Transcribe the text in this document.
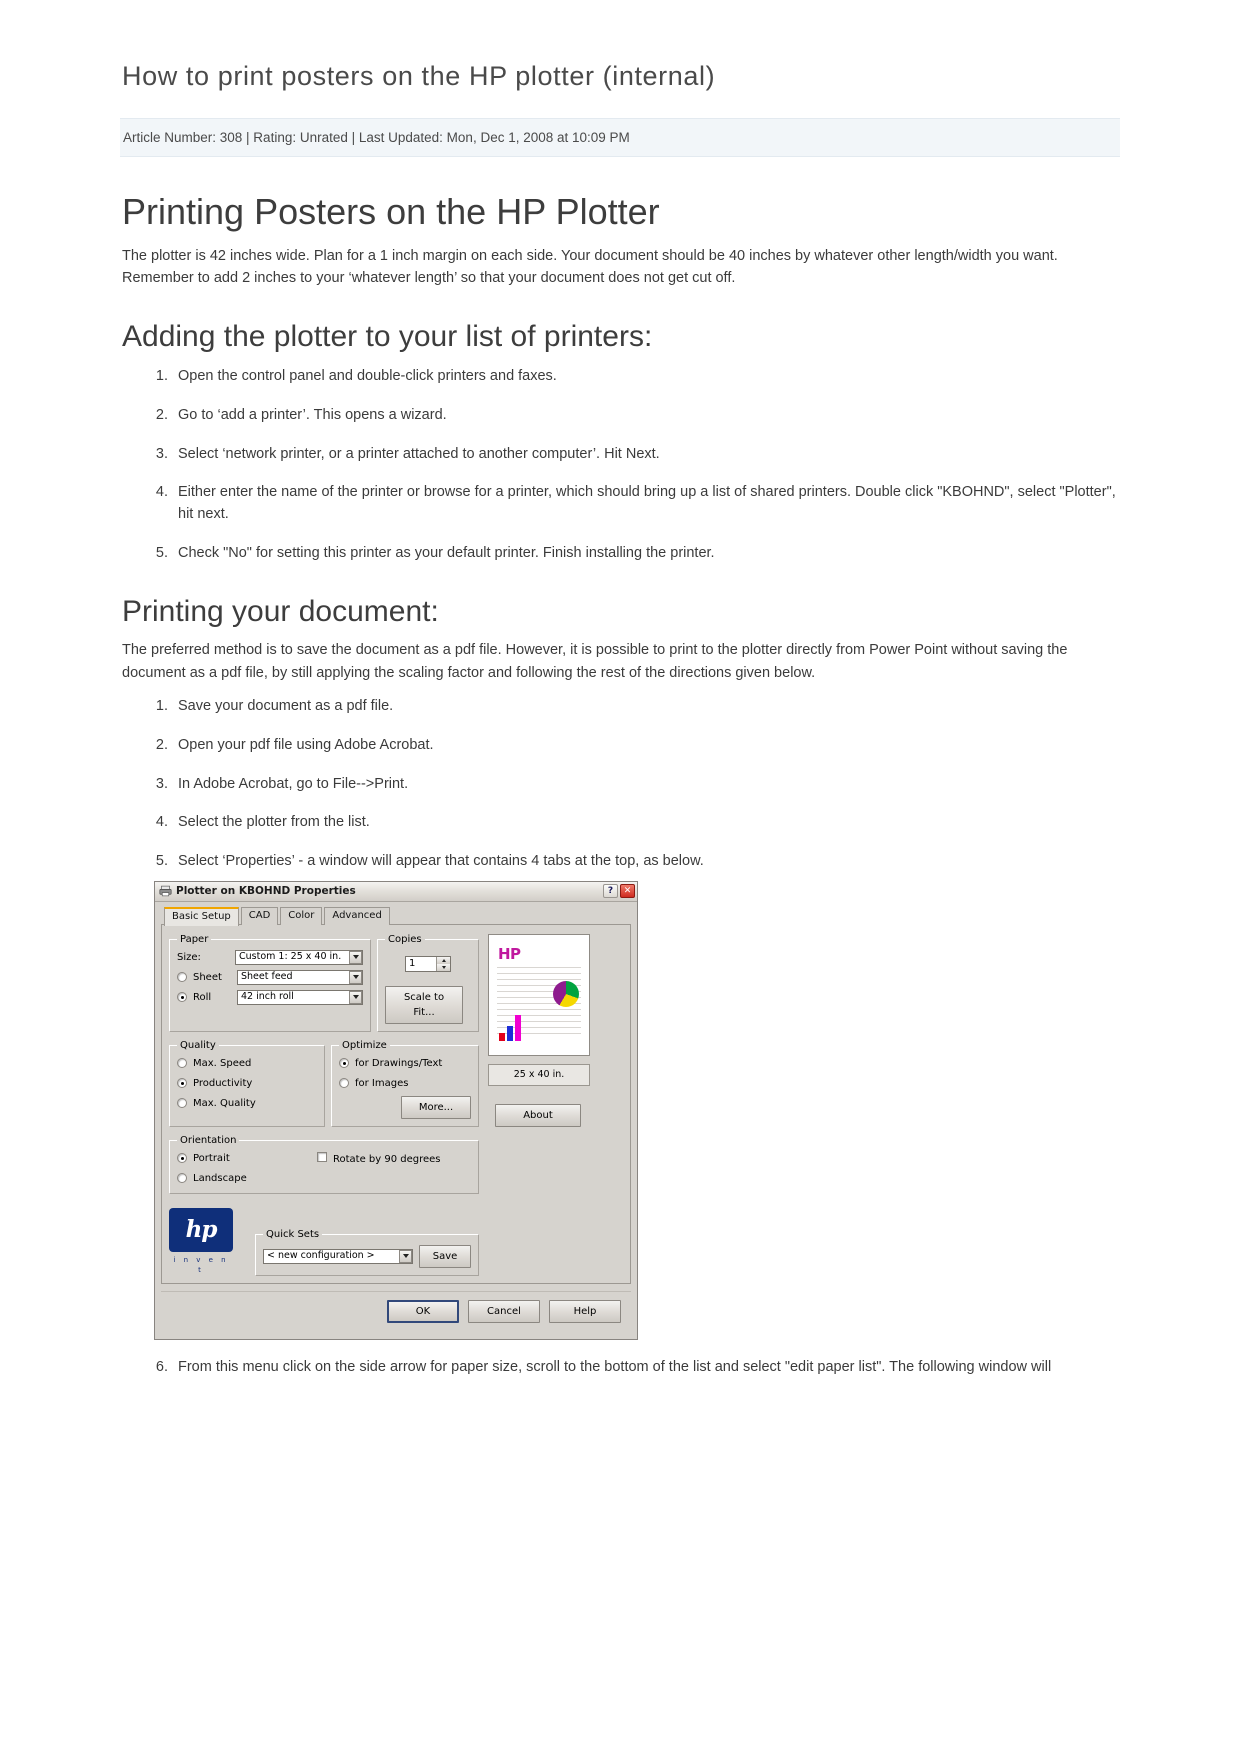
How to print posters on the HP plotter (internal)
Article Number: 308 | Rating: Unrated | Last Updated: Mon, Dec 1, 2008 at 10:09 PM
Printing Posters on the HP Plotter

The plotter is 42 inches wide. Plan for a 1 inch margin on each side. Your document should be 40 inches by whatever other length/width you want. Remember to add 2 inches to your ‘whatever length’ so that your document does not get cut off.

Adding the plotter to your list of printers:
1. Open the control panel and double-click printers and faxes.
2. Go to ‘add a printer’. This opens a wizard.
3. Select ‘network printer, or a printer attached to another computer’. Hit Next.
4. Either enter the name of the printer or browse for a printer, which should bring up a list of shared printers. Double click "KBOHND", select "Plotter", hit next.
5. Check "No" for setting this printer as your default printer. Finish installing the printer.
Printing your document:

The preferred method is to save the document as a pdf file. However, it is possible to print to the plotter directly from Power Point without saving the document as a pdf file, by still applying the scaling factor and following the rest of the directions given below.

1. Save your document as a pdf file.
2. Open your pdf file using Adobe Acrobat.
3. In Adobe Acrobat, go to File-->Print.
4. Select the plotter from the list.
5. Select ‘Properties’ - a window will appear that contains 4 tabs at the top, as below.
Plotter on KBOHND Properties	?	✕
Basic Setup	CAD	Color	Advanced
Paper
Size:	Custom 1: 25 x 40 in.
Sheet	Sheet feed
Roll	42 inch roll
Copies
1
Scale to Fit...
Quality
Max. Speed
Productivity
Max. Quality
Optimize
for Drawings/Text
for Images
More...
Orientation
Portrait
Landscape
Rotate by 90 degrees
hp
i n v e n t
Quick Sets
< new configuration >	Save
HP
25 x 40 in.
About
OK	Cancel	Help
6. From this menu click on the side arrow for paper size, scroll to the bottom of the list and select "edit paper list". The following window will
